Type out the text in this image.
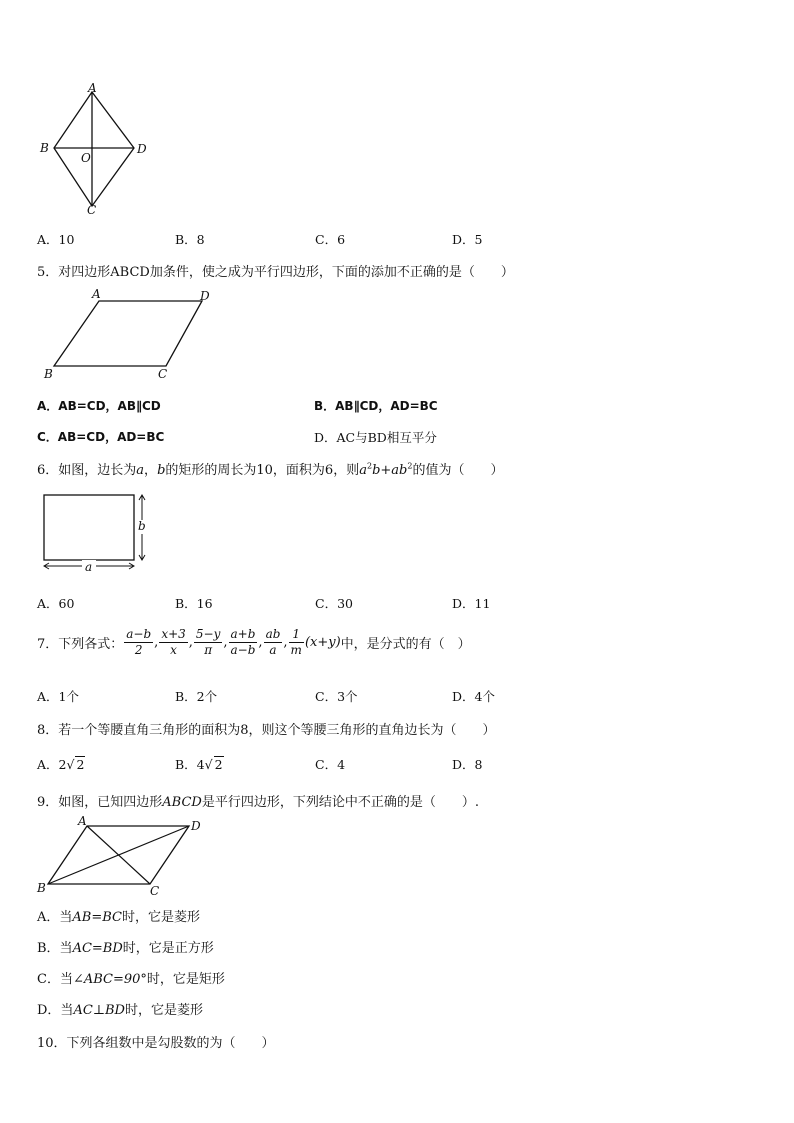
A
B
C
D
O
A．10	B．8	C．6	D．5
5．对四边形ABCD加条件，使之成为平行四边形，下面的添加不正确的是（　　）
A	D
B	C
A．AB=CD，AB∥CD	B．AB∥CD，AD=BC
C．AB=CD，AD=BC	D．AC与BD相互平分
6．如图，边长为a，b的矩形的周长为10，面积为6，则$a^2b+ab^2$的值为（　　）
a
b
A．60	B．16	C．30	D．11
7．下列各式： $\frac{a-b}{2}$ , $\frac{x+3}{x}$ , $\frac{5-y}{\pi}$ , $\frac{a+b}{a-b}$ , $\frac{ab}{a}$ , $\frac{1}{m} (x+y)$中，是分式的有（　）
A．1个	B．2个	C．3个	D．4个
8．若一个等腰直角三角形的面积为8，则这个等腰三角形的直角边长为（　　）
A．2√ 2	B．4√ 2	C．4	D．8
9．如图，已知四边形ABCD是平行四边形，下列结论中不正确的是（　　）.
A	D
B	C
A．当AB=BC时，它是菱形
B．当AC=BD时，它是正方形
C．当∠ABC=90°时，它是矩形
D．当AC⊥BD时，它是菱形
10．下列各组数中是勾股数的为（　　）
